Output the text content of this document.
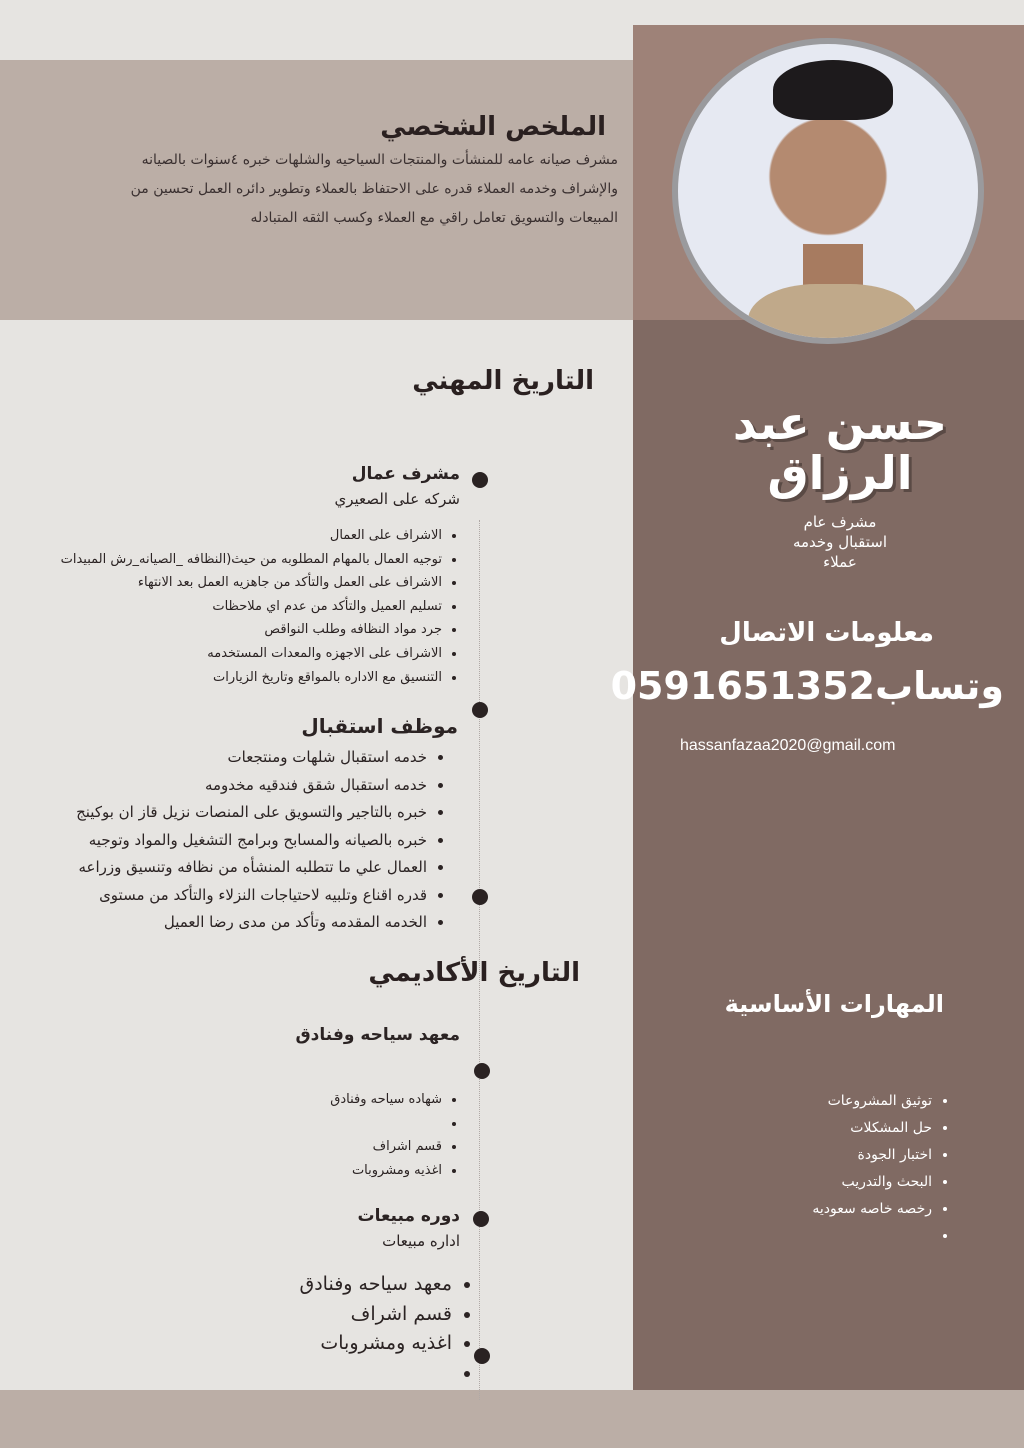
الملخص الشخصي
مشرف صيانه عامه للمنشأت والمنتجات السياحيه والشلهات خبره ٤سنوات بالصيانه والإشراف وخدمه العملاء قدره على الاحتفاظ بالعملاء وتطوير دائره العمل تحسين من المبيعات والتسويق تعامل راقي مع العملاء وكسب الثقه المتبادله
حسن عبد
الرزاق
مشرف عام
استقبال وخدمه
عملاء
معلومات الاتصال
وتساب0591651352
hassanfazaa2020@gmail.com
المهارات الأساسية
• توثيق المشروعات
• حل المشكلات
• اختبار الجودة
• البحث والتدريب
• رخصه خاصه سعوديه
•
التاريخ المهني
مشرف عمال
شركه على الصعيري
• الاشراف على العمال
• توجيه العمال بالمهام المطلوبه من حيث(النظافه _الصيانه_رش المبيدات
• الاشراف على العمل والتأكد من جاهزيه العمل بعد الانتهاء
• تسليم العميل والتأكد من عدم اي ملاحظات
• جرد مواد النظافه وطلب النواقص
• الاشراف على الاجهزه والمعدات المستخدمه
• التنسيق مع الاداره بالمواقع وتاريخ الزيارات
موظف استقبال
• خدمه استقبال شلهات ومنتجعات
• خدمه استقبال شقق فندقيه مخدومه
• خبره بالتاجير والتسويق على المنصات نزيل قاز ان بوكينج
• خبره بالصيانه والمسابح وبرامج التشغيل والمواد وتوجيه
• العمال علي ما تتطلبه المنشأه من نظافه وتنسيق وزراعه
• قدره اقناع وتلبيه لاحتياجات النزلاء والتأكد من مستوى
• الخدمه المقدمه وتأكد من مدى رضا العميل
التاريخ الأكاديمي
معهد سياحه وفنادق
• شهاده سياحه وفنادق
•
• قسم اشراف
• اغذيه ومشروبات
دوره مبيعات
اداره مبيعات
• معهد سياحه وفنادق
• قسم اشراف
• اغذيه ومشروبات
•
